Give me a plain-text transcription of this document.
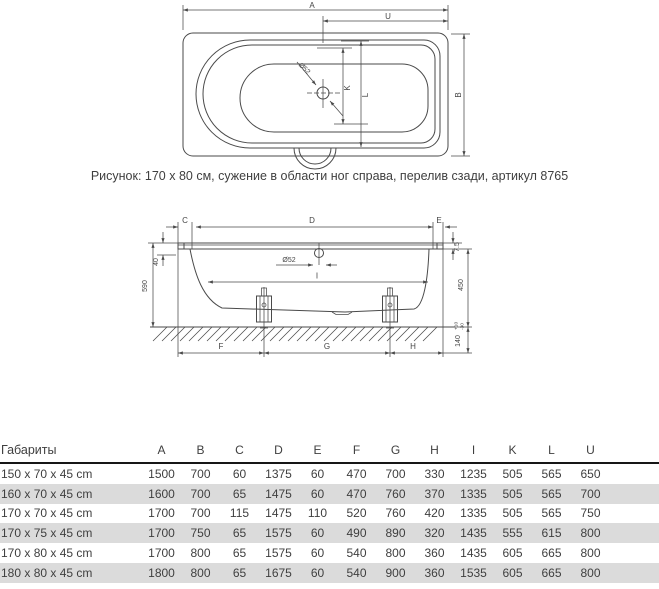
Ø52
A
U
B
K
L
Ø52
I
C	D	E
590
40
7.5
450
140
+10 -30
F	G	H
Рисунок: 170 x 80 см, сужение в области ног справа, перелив сзади, артикул 8765
Габариты	A	B	C	D	E	F	G	H	I	K	L	U	
150 x 70 x 45 cm	1500	700	60	1375	60	470	700	330	1235	505	565	650	
160 x 70 x 45 cm	1600	700	65	1475	60	470	760	370	1335	505	565	700	
170 x 70 x 45 cm	1700	700	115	1475	110	520	760	420	1335	505	565	750	
170 x 75 x 45 cm	1700	750	65	1575	60	490	890	320	1435	555	615	800	
170 x 80 x 45 cm	1700	800	65	1575	60	540	800	360	1435	605	665	800	
180 x 80 x 45 cm	1800	800	65	1675	60	540	900	360	1535	605	665	800	
